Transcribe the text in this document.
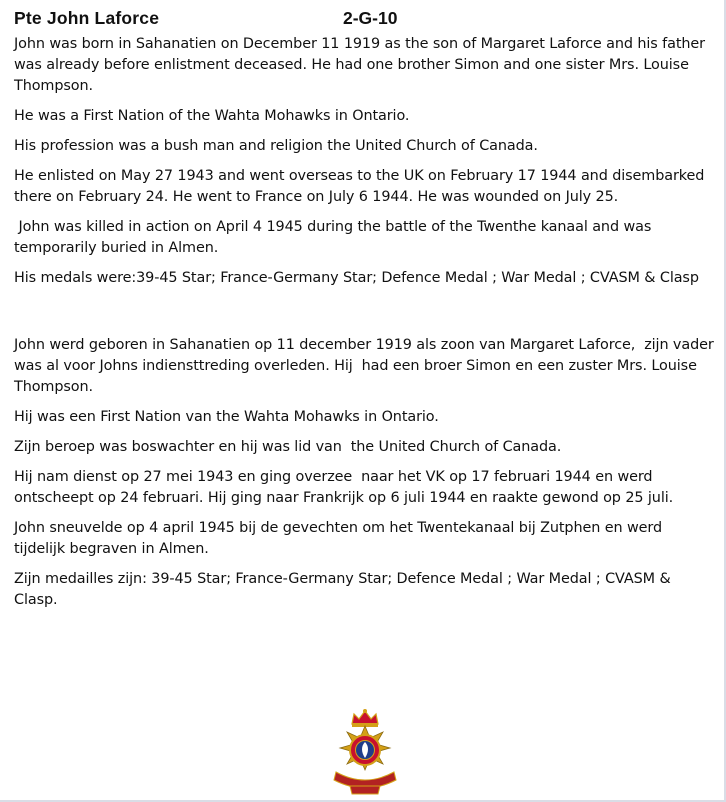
Pte John Laforce	2-G-10

John was born in Sahanatien on December 11 1919 as the son of Margaret Laforce and his father was already before enlistment deceased. He had one brother Simon and one sister Mrs. Louise Thompson.

He was a First Nation of the Wahta Mohawks in Ontario.

His profession was a bush man and religion the United Church of Canada.

He enlisted on May 27 1943 and went overseas to the UK on February 17 1944 and disembarked there on February 24. He went to France on July 6 1944. He was wounded on July 25.

John was killed in action on April 4 1945 during the battle of the Twenthe kanaal and was temporarily buried in Almen.

His medals were:39-45 Star; France-Germany Star; Defence Medal ; War Medal ; CVASM & Clasp

John werd geboren in Sahanatien op 11 december 1919 als zoon van Margaret Laforce,  zijn vader was al voor Johns indiensttreding overleden. Hij  had een broer Simon en een zuster Mrs. Louise Thompson.

Hij was een First Nation van the Wahta Mohawks in Ontario.

Zijn beroep was boswachter en hij was lid van  the United Church of Canada.

Hij nam dienst op 27 mei 1943 en ging overzee  naar het VK op 17 februari 1944 en werd ontscheept op 24 februari. Hij ging naar Frankrijk op 6 juli 1944 en raakte gewond op 25 juli.

John sneuvelde op 4 april 1945 bij de gevechten om het Twentekanaal bij Zutphen en werd tijdelijk begraven in Almen.

Zijn medailles zijn: 39-45 Star; France-Germany Star; Defence Medal ; War Medal ; CVASM & Clasp.
